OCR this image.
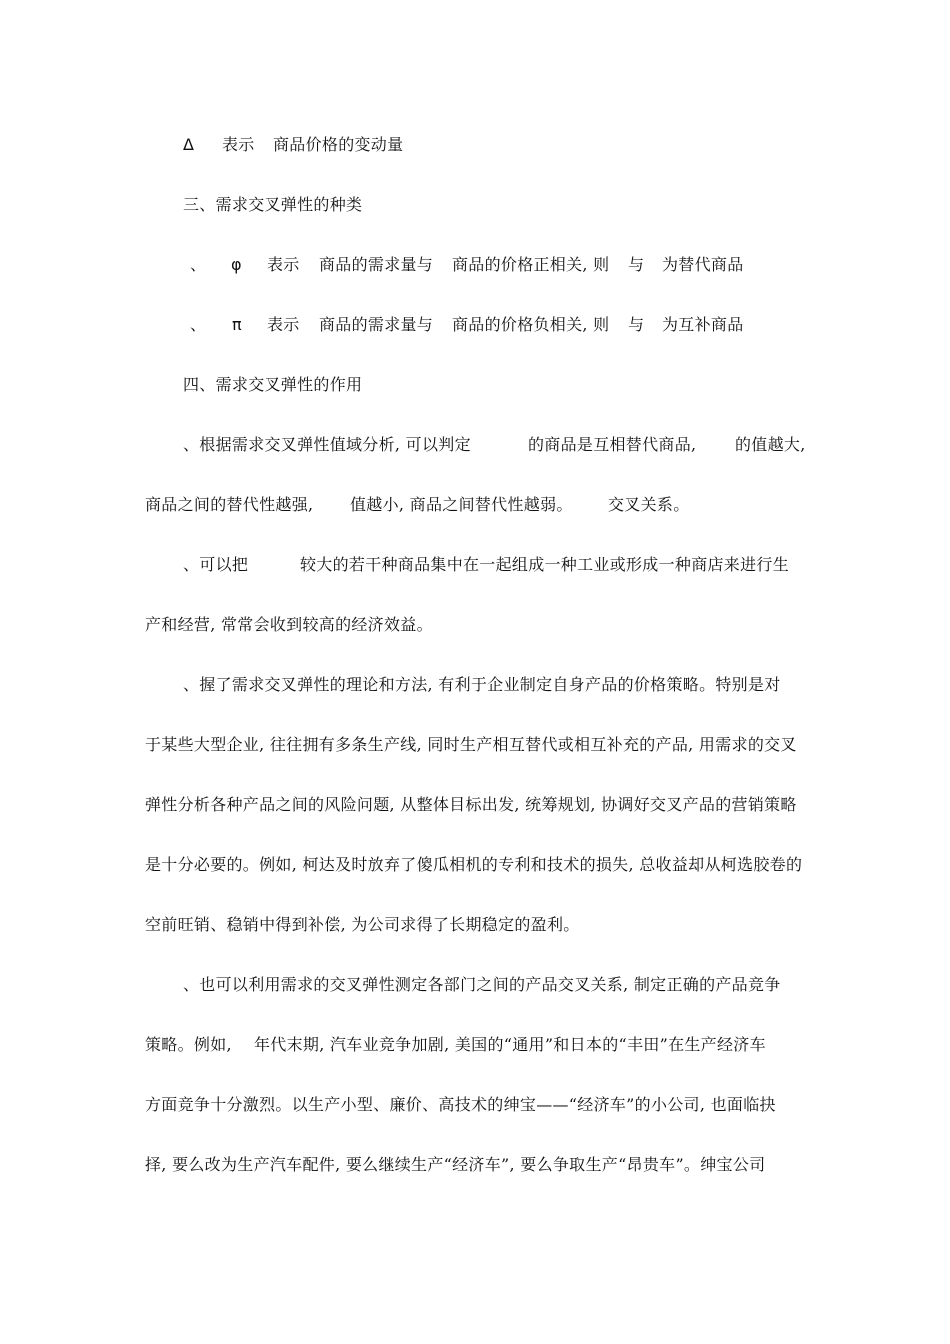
Δ 表示 商品价格的变动量
三、需求交叉弹性的种类
、 φ 表示 商品的需求量与 商品的价格正相关, 则 与 为替代商品
、 π 表示 商品的需求量与 商品的价格负相关, 则 与 为互补商品
四、需求交叉弹性的作用
、根据需求交叉弹性值域分析, 可以判定	的商品是互相替代商品, 的值越大,
商品之间的替代性越强, 值越小, 商品之间替代性越弱。 交叉关系。
、可以把	较大的若干种商品集中在一起组成一种工业或形成一种商店来进行生
产和经营, 常常会收到较高的经济效益。
、握了需求交叉弹性的理论和方法, 有利于企业制定自身产品的价格策略。特别是对
于某些大型企业, 往往拥有多条生产线, 同时生产相互替代或相互补充的产品, 用需求的交叉
弹性分析各种产品之间的风险问题, 从整体目标出发, 统筹规划, 协调好交叉产品的营销策略
是十分必要的。例如, 柯达及时放弃了傻瓜相机的专利和技术的损失, 总收益却从柯选胶卷的
空前旺销、稳销中得到补偿, 为公司求得了长期稳定的盈利。
、也可以利用需求的交叉弹性测定各部门之间的产品交叉关系, 制定正确的产品竞争
策略。例如, 年代末期, 汽车业竞争加剧, 美国的“通用”和日本的“丰田”在生产经济车
方面竞争十分激烈。以生产小型、廉价、高技术的绅宝——“经济车”的小公司, 也面临抉
择, 要么改为生产汽车配件, 要么继续生产“经济车”, 要么争取生产“昂贵车”。绅宝公司
